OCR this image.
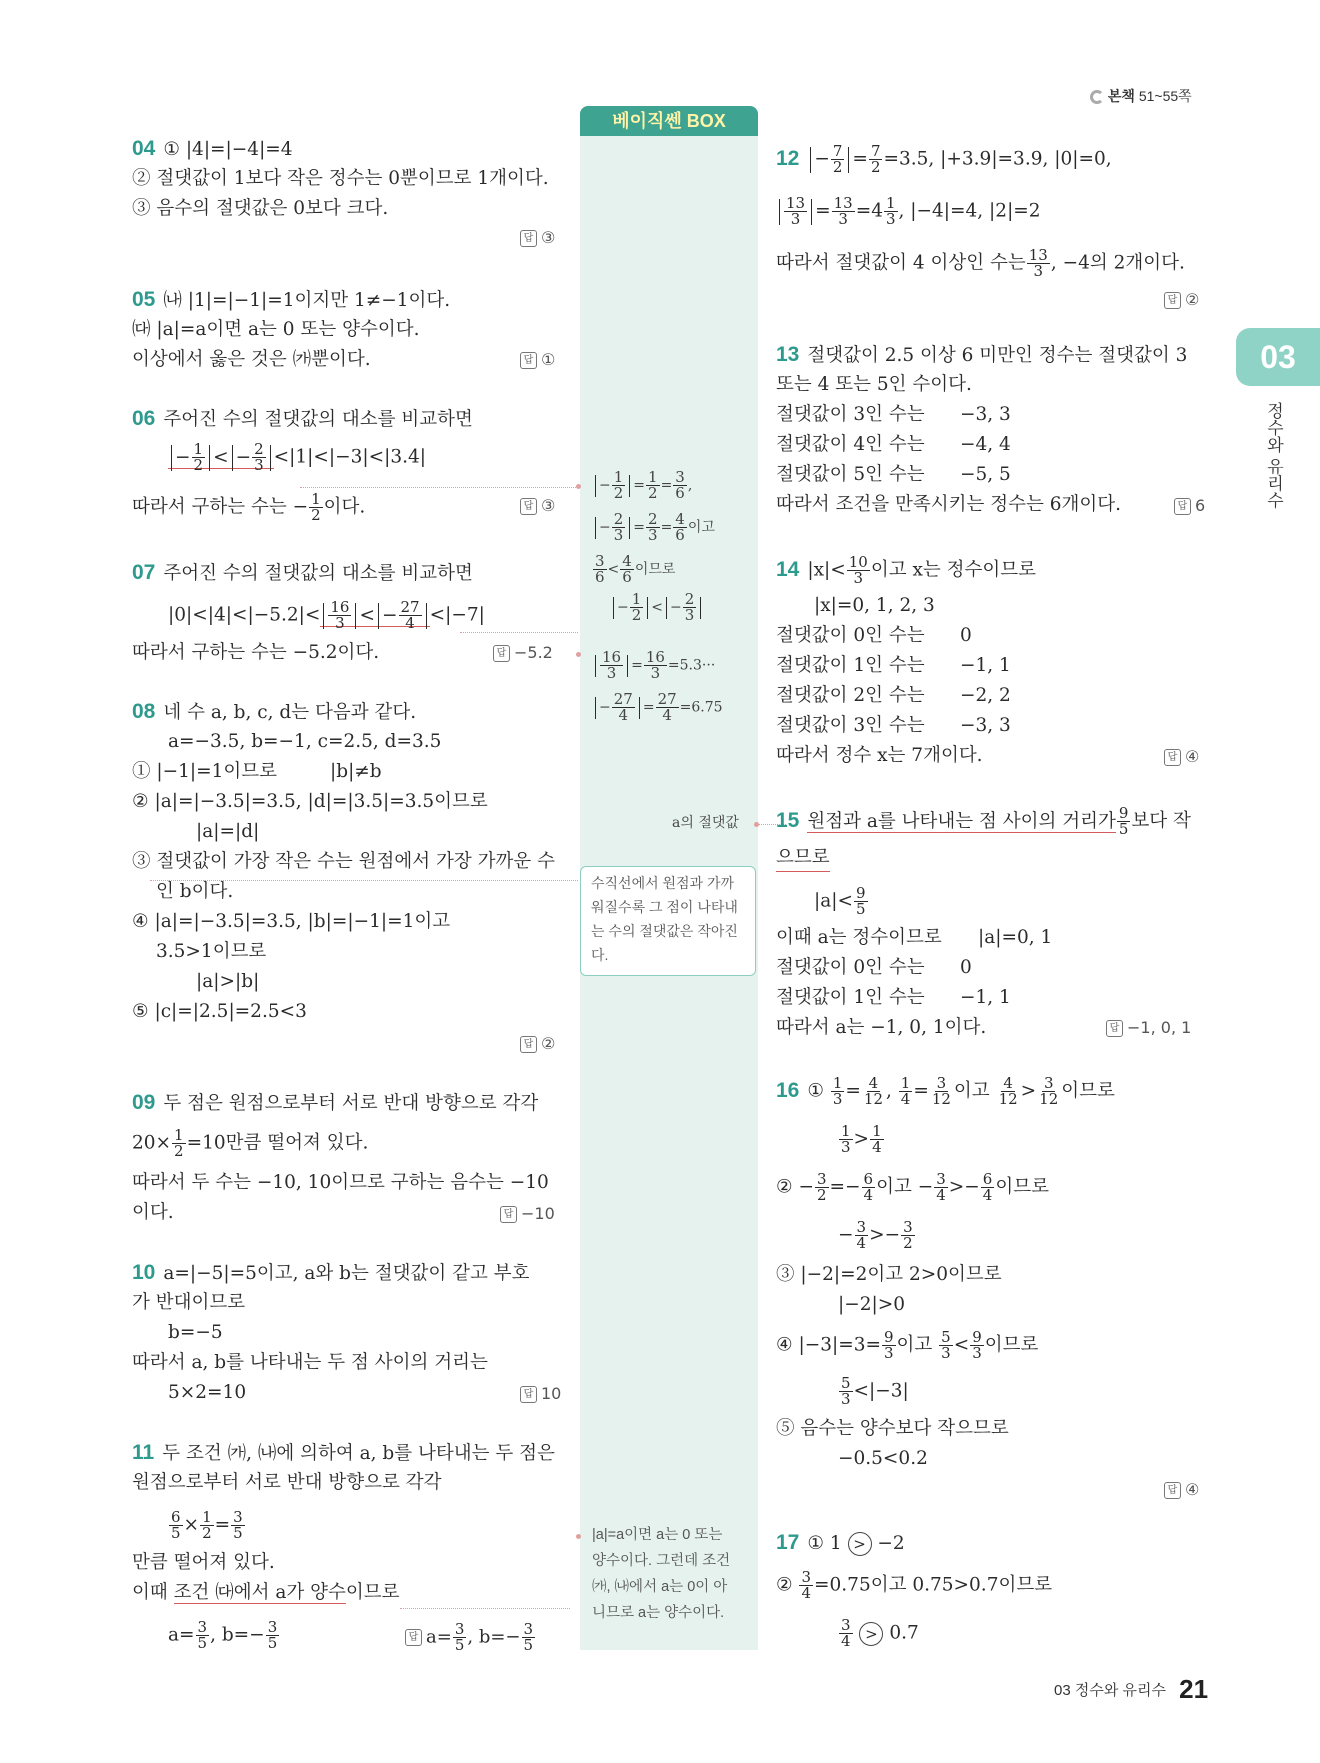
본책 51~55쪽
베이직쎈 BOX
03
정수와 유리수
04 ① |4|=|−4|=4
② 절댓값이 1보다 작은 정수는 0뿐이므로 1개이다.
③ 음수의 절댓값은 0보다 크다.
답 ③
05 ㈏ |1|=|−1|=1이지만 1≠−1이다.
㈐ |a|=a이면 a는 0 또는 양수이다.
이상에서 옳은 것은 ㈎뿐이다.	답 ①
06 주어진 수의 절댓값의 대소를 비교하면
− $\frac{1}{2}$ < − $\frac{2}{3} <|1|<|-3|<|3.4|$
따라서 구하는 수는 − $\frac{1}{2}$ 이다.	답 ③
07 주어진 수의 절댓값의 대소를 비교하면
$|0|<|4|<|-5.2|< \frac{16}{3}$ < − $\frac{27}{4} <|-7|$
따라서 구하는 수는 −5.2이다.	답 −5.2
08 네 수 a, b, c, d는 다음과 같다.
a=−3.5, b=−1, c=2.5, d=3.5
① |−1|=1이므로	|b|≠b
② |a|=|−3.5|=3.5, |d|=|3.5|=3.5이므로
|a|=|d|
③ 절댓값이 가장 작은 수는 원점에서 가장 가까운 수
인 b이다.
④ |a|=|−3.5|=3.5, |b|=|−1|=1이고
3.5>1이므로
|a|>|b|
⑤ |c|=|2.5|=2.5<3
답 ②
09 두 점은 원점으로부터 서로 반대 방향으로 각각
$20\times \frac{1}{2} =10$만큼 떨어져 있다.
따라서 두 수는 −10, 10이므로 구하는 음수는 −10
이다.	답 −10
10 a=|−5|=5이고, a와 b는 절댓값이 같고 부호
가 반대이므로
b=−5
따라서 a, b를 나타내는 두 점 사이의 거리는
5×2=10	답 10
11 두 조건 ㈎, ㈏에 의하여 a, b를 나타내는 두 점은
원점으로부터 서로 반대 방향으로 각각
$\frac{6}{5} \times \frac{1}{2} = \frac{3}{5}$
만큼 떨어져 있다.
이때 조건 ㈐에서 a가 양수이므로
$a= \frac{3}{5}$ , $b=- \frac{3}{5}$	답 $a= \frac{3}{5}$ , $b=- \frac{3}{5}$
− $\frac{1}{2} = \frac{1}{2} = \frac{3}{6}$ ,
− $\frac{2}{3} = \frac{2}{3} = \frac{4}{6}$ 이고
$\frac{3}{6} < \frac{4}{6}$ 이므로
− $\frac{1}{2}$ < − $\frac{2}{3}$
$\frac{16}{3} = \frac{16}{3} =5.3\cdot\cdot\cdot$
− $\frac{27}{4} = \frac{27}{4} =6.75$
a의 절댓값
수직선에서 원점과 가까워질수록 그 점이 나타내는 수의 절댓값은 작아진다.
|a|=a이면 a는 0 또는
양수이다. 그런데 조건
㈎, ㈏에서 a는 0이 아
니므로 a는 양수이다.
$12 - \frac{7}{2} = \frac{7}{2} =3.5$, |+3.9|=3.9, |0|=0,
$\frac{13}{3} = \frac{13}{3} =4 \frac{1}{3}$ , |−4|=4, |2|=2
따라서 절댓값이 4 이상인 수는 $\frac{13}{3}$ , −4의 2개이다.
답 ②
13 절댓값이 2.5 이상 6 미만인 정수는 절댓값이 3
또는 4 또는 5인 수이다.
절댓값이 3인 수는 −3, 3
절댓값이 4인 수는 −4, 4
절댓값이 5인 수는 −5, 5
따라서 조건을 만족시키는 정수는 6개이다.	답 6
14 $|x|< \frac{10}{3}$ 이고 x는 정수이므로
|x|=0, 1, 2, 3
절댓값이 0인 수는 0
절댓값이 1인 수는 −1, 1
절댓값이 2인 수는 −2, 2
절댓값이 3인 수는 −3, 3
따라서 정수 x는 7개이다.	답 ④
15 원점과 a를 나타내는 점 사이의 거리가 $\frac{9}{5}$ 보다 작
으므로
$|a|< \frac{9}{5}$
이때 a는 정수이므로 |a|=0, 1
절댓값이 0인 수는 0
절댓값이 1인 수는 −1, 1
따라서 a는 −1, 0, 1이다.	답 −1, 0, 1
16 ① $\frac{1}{3} = \frac{4}{12}$ , $\frac{1}{4} = \frac{3}{12}$ 이고 $\frac{4}{12} > \frac{3}{12}$ 이므로
$\frac{1}{3} > \frac{1}{4}$
② − $\frac{3}{2} =- \frac{6}{4}$ 이고 − $\frac{3}{4} >- \frac{6}{4}$ 이므로
− $\frac{3}{4} >- \frac{3}{2}$
③ |−2|=2이고 2>0이므로
|−2|>0
④ $|-3|=3= \frac{9}{3}$ 이고 $\frac{5}{3} < \frac{9}{3}$ 이므로
$\frac{5}{3} <|-3|$
⑤ 음수는 양수보다 작으므로
−0.5<0.2
답 ④
17 ① 1 > −2
② $\frac{3}{4} =0.75$이고 0.75>0.7이므로
$\frac{3}{4} > 0.7$
03 정수와 유리수 21
